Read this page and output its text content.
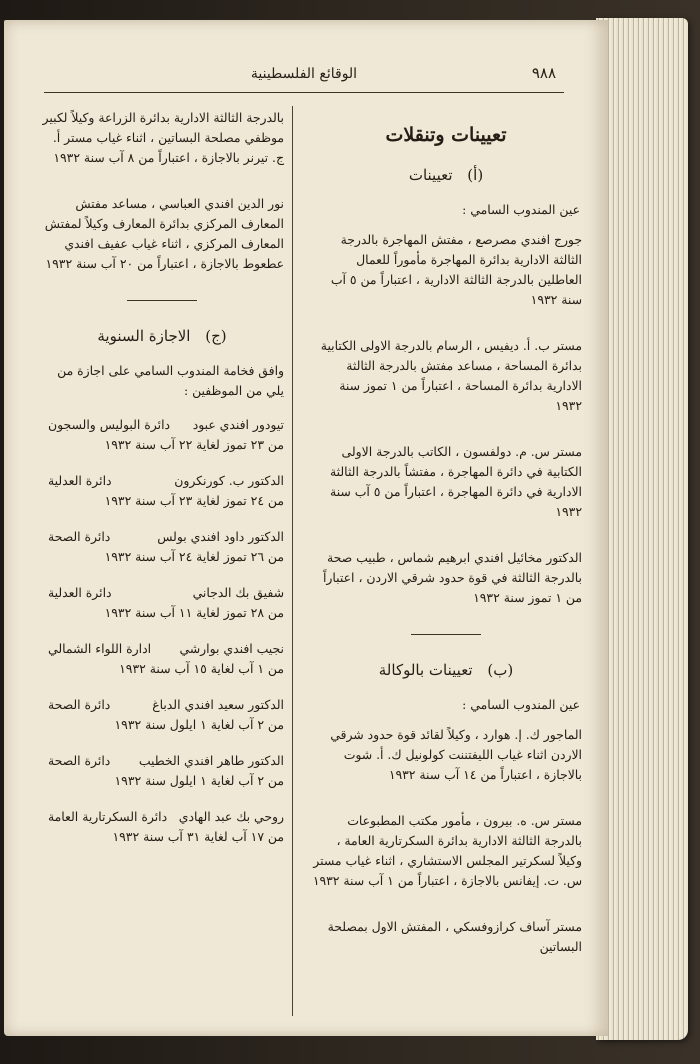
٩٨٨
الوقائع الفلسطينية
تعيينات وتنقلات
(أ) تعيينات
عين المندوب السامي :
جورج افندي مصرصع ، مفتش المهاجرة بالدرجة الثالثة الادارية بدائرة المهاجرة مأموراً للعمال العاطلين بالدرجة الثالثة الادارية ، اعتباراً من ٥ آب سنة ١٩٣٢
مستر ب. أ. ديفيس ، الرسام بالدرجة الاولى الكتابية بدائرة المساحة ، مساعد مفتش بالدرجة الثالثة الادارية بدائرة المساحة ، اعتباراً من ١ تموز سنة ١٩٣٢
مستر س. م. دولفسون ، الكاتب بالدرجة الاولى الكتابية في دائرة المهاجرة ، مفتشاً بالدرجة الثالثة الادارية في دائرة المهاجرة ، اعتباراً من ٥ آب سنة ١٩٣٢
الدكتور مخائيل افندي ابرهيم شماس ، طبيب صحة بالدرجة الثالثة في قوة حدود شرقي الاردن ، اعتباراً من ١ تموز سنة ١٩٣٢
(ب) تعيينات بالوكالة
عين المندوب السامي :
الماجور ك. إ. هوارد ، وكيلاً لقائد قوة حدود شرقي الاردن اثناء غياب الليفتننت كولونيل ك. أ. شوت بالاجازة ، اعتباراً من ١٤ آب سنة ١٩٣٢
مستر س. ه. بيرون ، مأمور مكتب المطبوعات بالدرجة الثالثة الادارية بدائرة السكرتارية العامة ، وكيلاً لسكرتير المجلس الاستشاري ، اثناء غياب مستر س. ت. إيفانس بالاجازة ، اعتباراً من ١ آب سنة ١٩٣٢
مستر آساف كرازوفسكي ، المفتش الاول بمصلحة البساتين
بالدرجة الثالثة الادارية بدائرة الزراعة وكيلاً لكبير موظفي مصلحة البساتين ، اثناء غياب مستر أ. ج. تيرنر بالاجازة ، اعتباراً من ٨ آب سنة ١٩٣٢
نور الدين افندي العباسي ، مساعد مفتش المعارف المركزي بدائرة المعارف وكيلاً لمفتش المعارف المركزي ، اثناء غياب عفيف افندي عطعوط بالاجازة ، اعتباراً من ٢٠ آب سنة ١٩٣٢
(ج) الاجازة السنوية
وافق فخامة المندوب السامي على اجازة من يلي من الموظفين :
تيودور افندي عبود
دائرة البوليس والسجون
من ٢٣ تموز لغاية ٢٢ آب سنة ١٩٣٢
الدكتور ب. كورنكرون
دائرة العدلية
من ٢٤ تموز لغاية ٢٣ آب سنة ١٩٣٢
الدكتور داود افندي بولس
دائرة الصحة
من ٢٦ تموز لغاية ٢٤ آب سنة ١٩٣٢
شفيق بك الدجاني
دائرة العدلية
من ٢٨ تموز لغاية ١١ آب سنة ١٩٣٢
نجيب افندي بوارشي
ادارة اللواء الشمالي
من ١ آب لغاية ١٥ آب سنة ١٩٣٢
الدكتور سعيد افندي الدباغ
دائرة الصحة
من ٢ آب لغاية ١ ايلول سنة ١٩٣٢
الدكتور طاهر افندي الخطيب
دائرة الصحة
من ٢ آب لغاية ١ ايلول سنة ١٩٣٢
روحي بك عبد الهادي
دائرة السكرتارية العامة
من ١٧ آب لغاية ٣١ آب سنة ١٩٣٢
